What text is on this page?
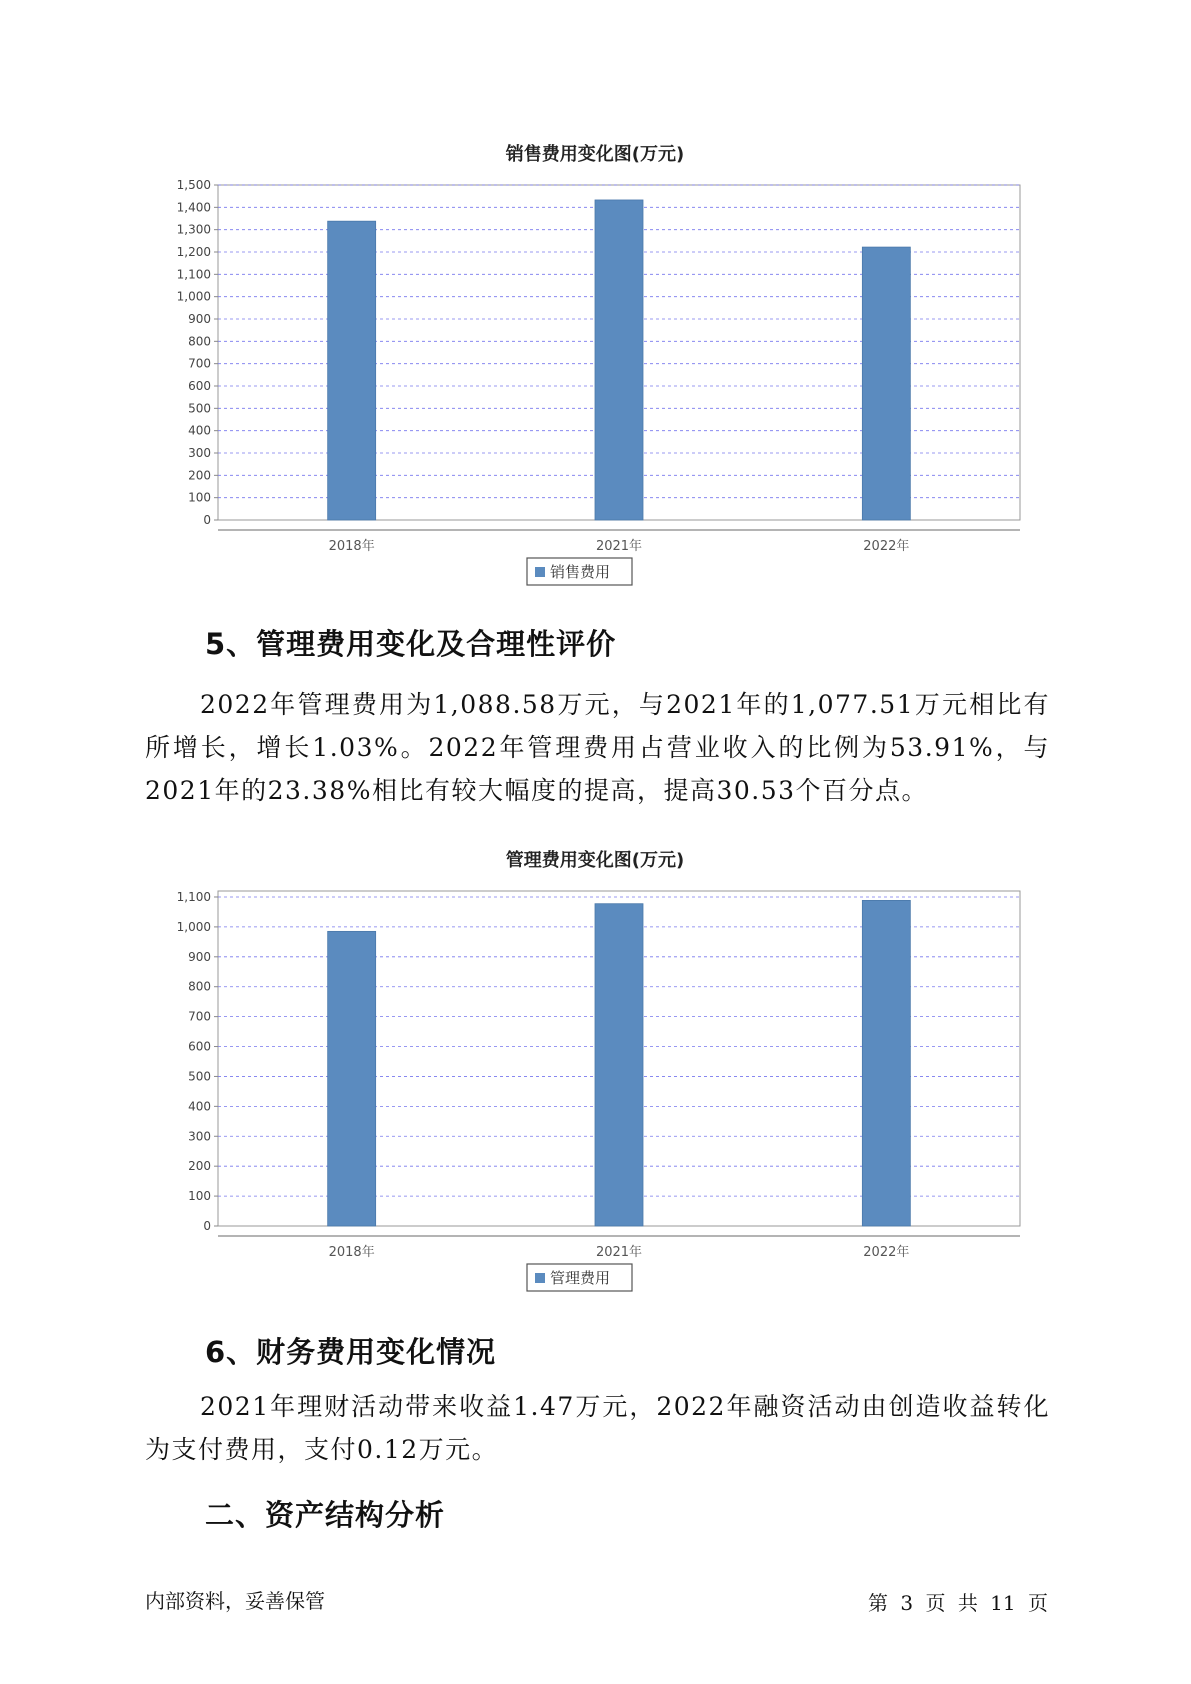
销售费用变化图(万元)
0
100
200
300
400
500
600
700
800
900
1,000
1,100
1,200
1,300
1,400
1,500
2018年	2021年	2022年
销售费用
5、管理费用变化及合理性评价

2022年管理费用为1,088.58万元，与2021年的1,077.51万元相比有所增长，增长1.03%。2022年管理费用占营业收入的比例为53.91%，与2021年的23.38%相比有较大幅度的提高，提高30.53个百分点。

管理费用变化图(万元)
0
100
200
300
400
500
600
700
800
900
1,000
1,100
2018年	2021年	2022年
管理费用
6、财务费用变化情况

2021年理财活动带来收益1.47万元，2022年融资活动由创造收益转化为支付费用，支付0.12万元。

二、资产结构分析
内部资料，妥善保管	第 3 页 共 11 页
